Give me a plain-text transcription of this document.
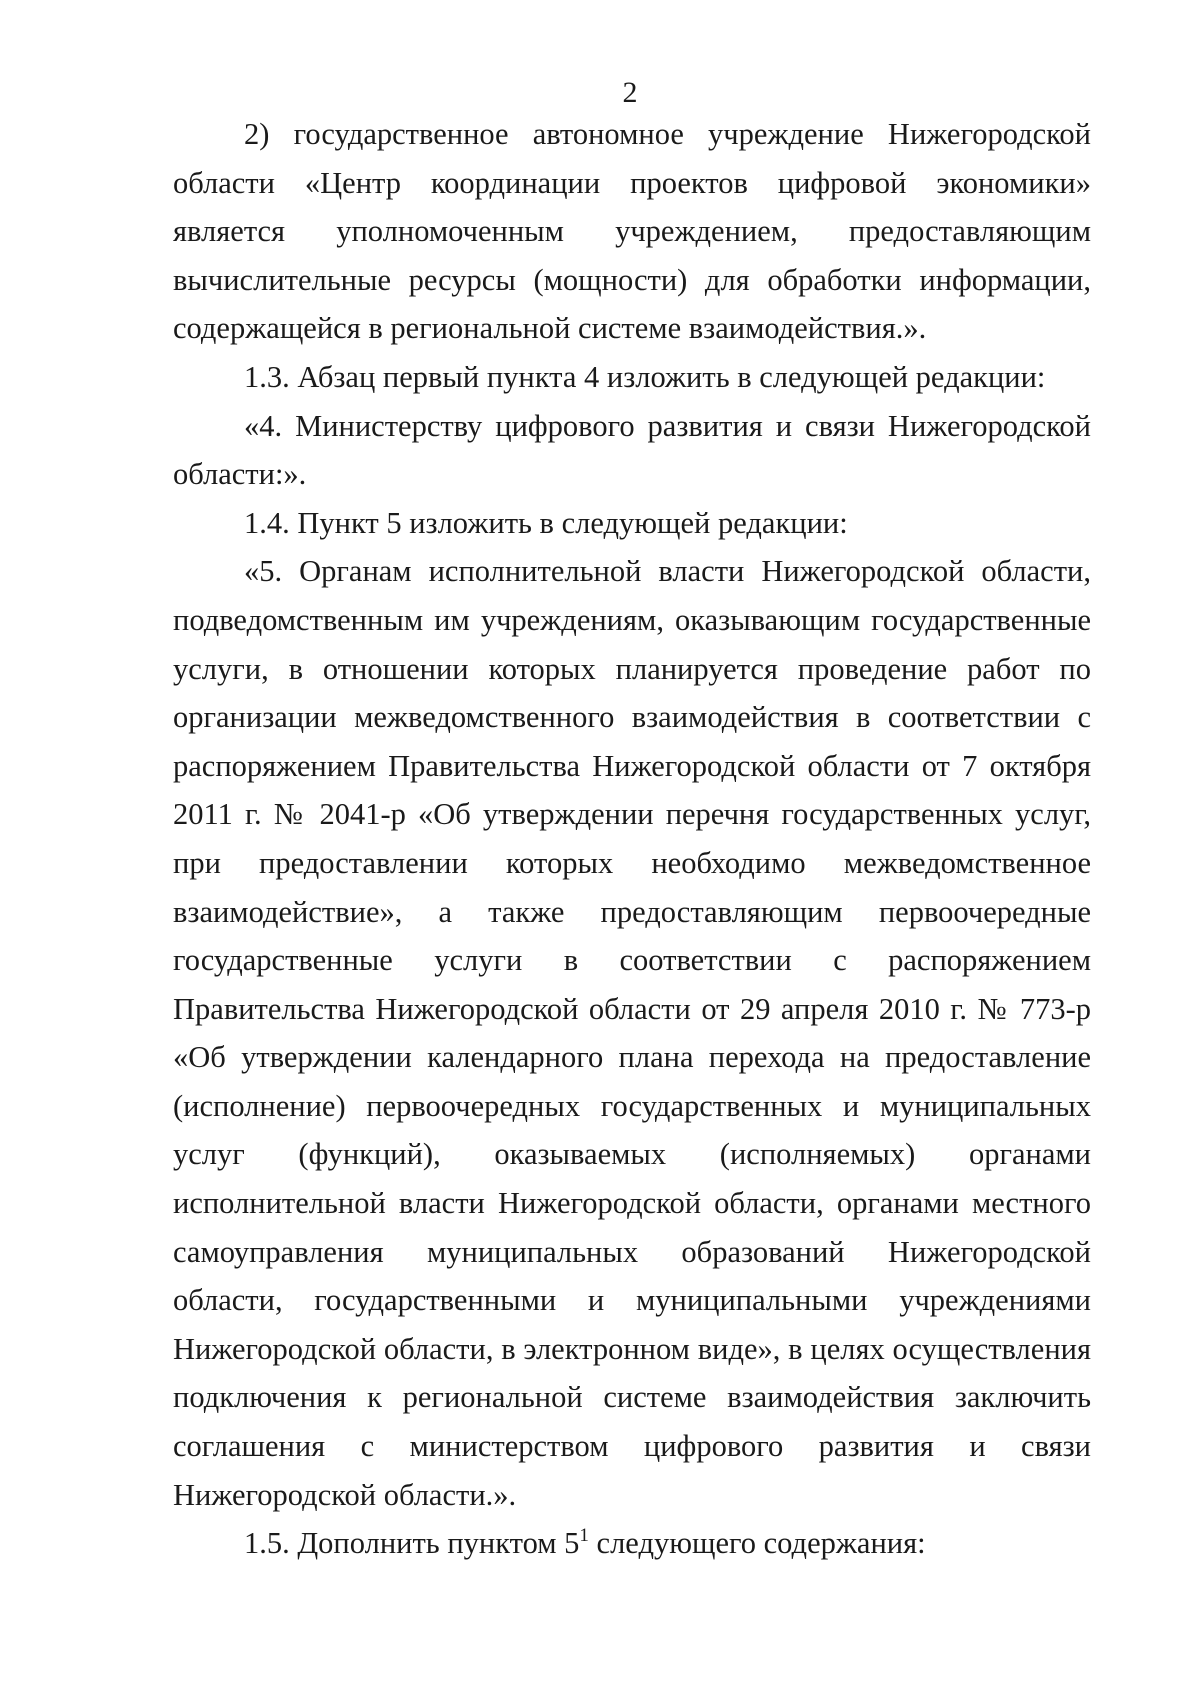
2

2) государственное автономное учреждение Нижегородской области «Центр координации проектов цифровой экономики» является уполномоченным учреждением, предоставляющим вычислительные ресурсы (мощности) для обработки информации, содержащейся в региональной системе взаимодействия.».

1.3. Абзац первый пункта 4 изложить в следующей редакции:

«4. Министерству цифрового развития и связи Нижегородской области:».

1.4. Пункт 5 изложить в следующей редакции:

«5. Органам исполнительной власти Нижегородской области, подведомственным им учреждениям, оказывающим государственные услуги, в отношении которых планируется проведение работ по организации межведомственного взаимодействия в соответствии с распоряжением Правительства Нижегородской области от 7 октября 2011 г. № 2041-р «Об утверждении перечня государственных услуг, при предоставлении которых необходимо межведомственное взаимодействие», а также предоставляющим первоочередные государственные услуги в соответствии с распоряжением Правительства Нижегородской области от 29 апреля 2010 г. № 773-р «Об утверждении календарного плана перехода на предоставление (исполнение) первоочередных государственных и муниципальных услуг (функций), оказываемых (исполняемых) органами исполнительной власти Нижегородской области, органами местного самоуправления муниципальных образований Нижегородской области, государственными и муниципальными учреждениями Нижегородской области, в электронном виде», в целях осуществления подключения к региональной системе взаимодействия заключить соглашения с министерством цифрового развития и связи Нижегородской области.».

1.5. Дополнить пунктом $5^1$ следующего содержания:
